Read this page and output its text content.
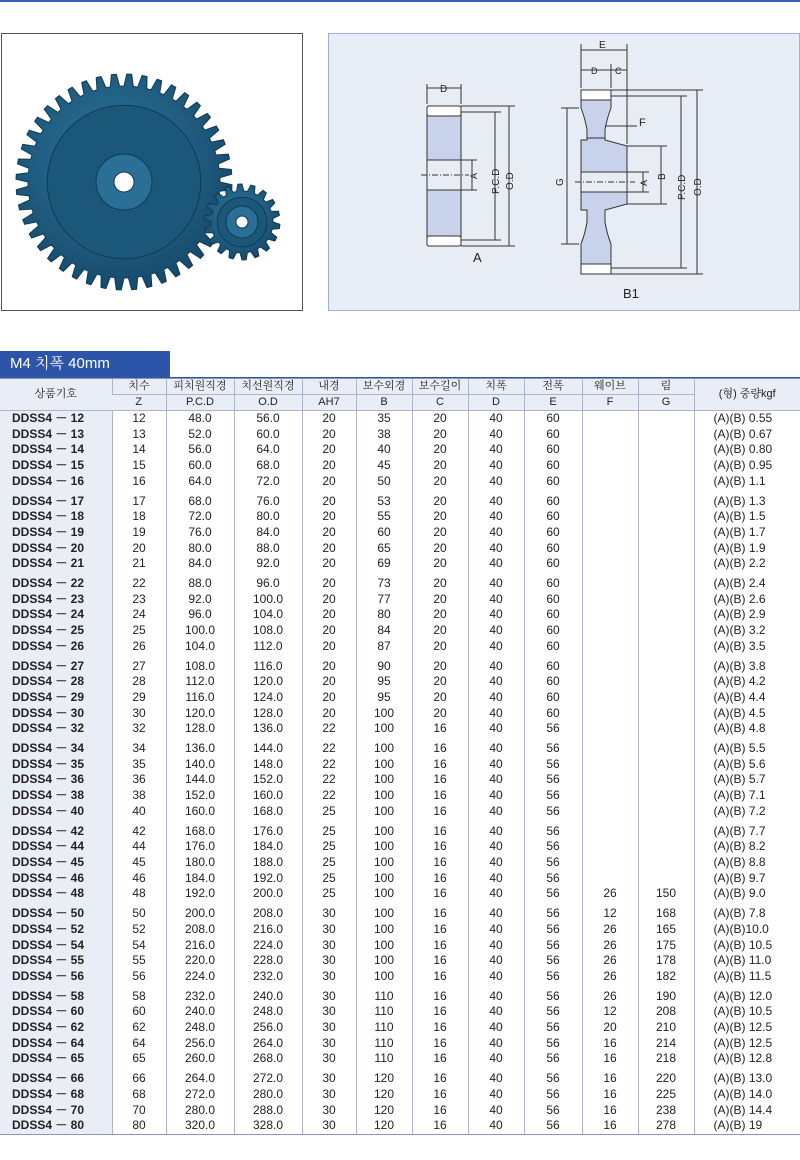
D
A P.C.D O.D
A
E
D C
F
G	A
B P.C.D O.D
B1
M4 치폭 40mm
상품기호	치수	피치원직경	치선원직경	내경	보수외경	보수길이	치폭	전폭	웨이브	림	(형) 중량kgf
	Z	P.C.D	O.D	AH7	B	C	D	E	F	G	
DDSS4 － 12	12	48.0	56.0	20	35	20	40	60			(A)(B) 0.55
DDSS4 － 13	13	52.0	60.0	20	38	20	40	60			(A)(B) 0.67
DDSS4 － 14	14	56.0	64.0	20	40	20	40	60			(A)(B) 0.80
DDSS4 － 15	15	60.0	68.0	20	45	20	40	60			(A)(B) 0.95
DDSS4 － 16	16	64.0	72.0	20	50	20	40	60			(A)(B) 1.1
DDSS4 － 17	17	68.0	76.0	20	53	20	40	60			(A)(B) 1.3
DDSS4 － 18	18	72.0	80.0	20	55	20	40	60			(A)(B) 1.5
DDSS4 － 19	19	76.0	84.0	20	60	20	40	60			(A)(B) 1.7
DDSS4 － 20	20	80.0	88.0	20	65	20	40	60			(A)(B) 1.9
DDSS4 － 21	21	84.0	92.0	20	69	20	40	60			(A)(B) 2.2
DDSS4 － 22	22	88.0	96.0	20	73	20	40	60			(A)(B) 2.4
DDSS4 － 23	23	92.0	100.0	20	77	20	40	60			(A)(B) 2.6
DDSS4 － 24	24	96.0	104.0	20	80	20	40	60			(A)(B) 2.9
DDSS4 － 25	25	100.0	108.0	20	84	20	40	60			(A)(B) 3.2
DDSS4 － 26	26	104.0	112.0	20	87	20	40	60			(A)(B) 3.5
DDSS4 － 27	27	108.0	116.0	20	90	20	40	60			(A)(B) 3.8
DDSS4 － 28	28	112.0	120.0	20	95	20	40	60			(A)(B) 4.2
DDSS4 － 29	29	116.0	124.0	20	95	20	40	60			(A)(B) 4.4
DDSS4 － 30	30	120.0	128.0	20	100	20	40	60			(A)(B) 4.5
DDSS4 － 32	32	128.0	136.0	22	100	16	40	56			(A)(B) 4.8
DDSS4 － 34	34	136.0	144.0	22	100	16	40	56			(A)(B) 5.5
DDSS4 － 35	35	140.0	148.0	22	100	16	40	56			(A)(B) 5.6
DDSS4 － 36	36	144.0	152.0	22	100	16	40	56			(A)(B) 5.7
DDSS4 － 38	38	152.0	160.0	22	100	16	40	56			(A)(B) 7.1
DDSS4 － 40	40	160.0	168.0	25	100	16	40	56			(A)(B) 7.2
DDSS4 － 42	42	168.0	176.0	25	100	16	40	56			(A)(B) 7.7
DDSS4 － 44	44	176.0	184.0	25	100	16	40	56			(A)(B) 8.2
DDSS4 － 45	45	180.0	188.0	25	100	16	40	56			(A)(B) 8.8
DDSS4 － 46	46	184.0	192.0	25	100	16	40	56			(A)(B) 9.7
DDSS4 － 48	48	192.0	200.0	25	100	16	40	56	26	150	(A)(B) 9.0
DDSS4 － 50	50	200.0	208.0	30	100	16	40	56	12	168	(A)(B) 7.8
DDSS4 － 52	52	208.0	216.0	30	100	16	40	56	26	165	(A)(B)10.0
DDSS4 － 54	54	216.0	224.0	30	100	16	40	56	26	175	(A)(B) 10.5
DDSS4 － 55	55	220.0	228.0	30	100	16	40	56	26	178	(A)(B) 11.0
DDSS4 － 56	56	224.0	232.0	30	100	16	40	56	26	182	(A)(B) 11.5
DDSS4 － 58	58	232.0	240.0	30	110	16	40	56	26	190	(A)(B) 12.0
DDSS4 － 60	60	240.0	248.0	30	110	16	40	56	12	208	(A)(B) 10.5
DDSS4 － 62	62	248.0	256.0	30	110	16	40	56	20	210	(A)(B) 12.5
DDSS4 － 64	64	256.0	264.0	30	110	16	40	56	16	214	(A)(B) 12.5
DDSS4 － 65	65	260.0	268.0	30	110	16	40	56	16	218	(A)(B) 12.8
DDSS4 － 66	66	264.0	272.0	30	120	16	40	56	16	220	(A)(B) 13.0
DDSS4 － 68	68	272.0	280.0	30	120	16	40	56	16	225	(A)(B) 14.0
DDSS4 － 70	70	280.0	288.0	30	120	16	40	56	16	238	(A)(B) 14.4
DDSS4 － 80	80	320.0	328.0	30	120	16	40	56	16	278	(A)(B) 19
